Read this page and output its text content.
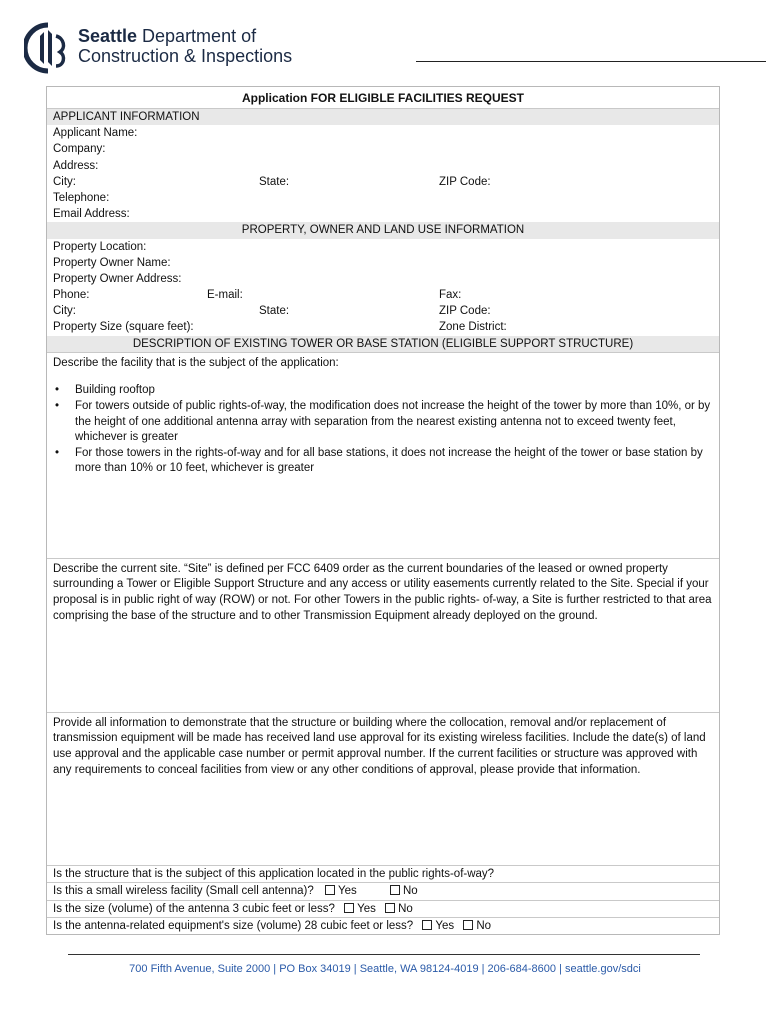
Seattle Department of
Construction & Inspections
Application FOR ELIGIBLE FACILITIES REQUEST
APPLICANT INFORMATION
Applicant Name:
Company:
Address:
City:	State:	ZIP Code:
Telephone:
Email Address:
PROPERTY, OWNER AND LAND USE INFORMATION
Property Location:
Property Owner Name:
Property Owner Address:
Phone:	E-mail:	Fax:
City:	State:	ZIP Code:
Property Size (square feet):	Zone District:
DESCRIPTION OF EXISTING TOWER OR BASE STATION (ELIGIBLE SUPPORT STRUCTURE)

Describe the facility that is the subject of the application:

• Building rooftop
• For towers outside of public rights-of-way, the modification does not increase the height of the tower by more than 10%, or by the height of one additional antenna array with separation from the nearest existing antenna not to exceed twenty feet, whichever is greater
• For those towers in the rights-of-way and for all base stations, it does not increase the height of the tower or base station by more than 10% or 10 feet, whichever is greater

Describe the current site. “Site” is defined per FCC 6409 order as the current boundaries of the leased or owned property surrounding a Tower or Eligible Support Structure and any access or utility easements currently related to the Site. Special if your proposal is in public right of way (ROW) or not. For other Towers in the public rights- of-way, a Site is further restricted to that area comprising the base of the structure and to other Transmission Equipment already deployed on the ground.

Provide all information to demonstrate that the structure or building where the collocation, removal and/or replacement of transmission equipment will be made has received land use approval for its existing wireless facilities. Include the date(s) of land use approval and the applicable case number or permit approval number. If the current facilities or structure was approved with any requirements to conceal facilities from view or any other conditions of approval, please provide that information.

Is the structure that is the subject of this application located in the public rights-of-way?
Is this a small wireless facility (Small cell antenna)? Yes	No
Is the size (volume) of the antenna 3 cubic feet or less? Yes No
Is the antenna-related equipment's size (volume) 28 cubic feet or less? Yes No
700 Fifth Avenue, Suite 2000 | PO Box 34019 | Seattle, WA 98124-4019 | 206-684-8600 | seattle.gov/sdci
